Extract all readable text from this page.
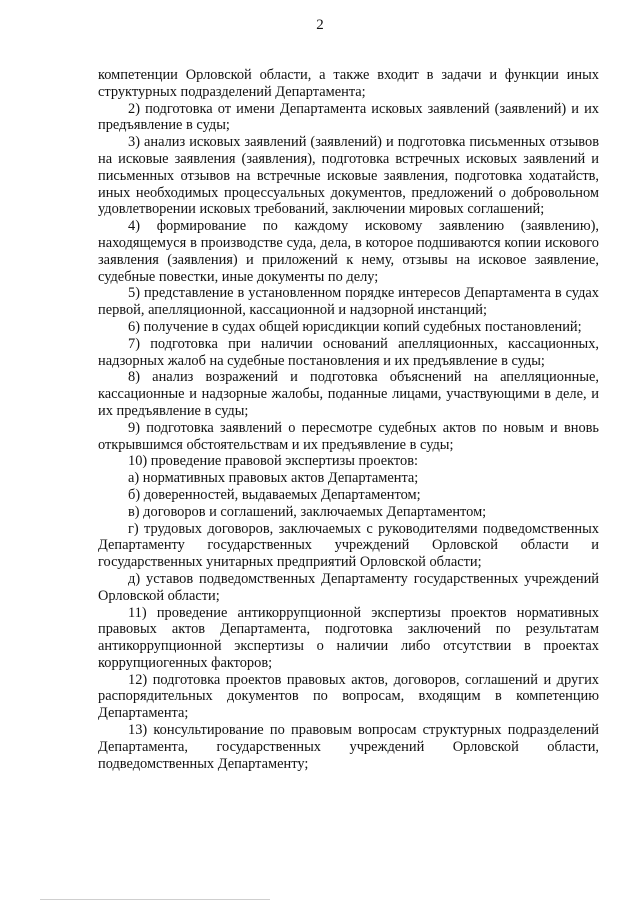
2

компетенции Орловской области, а также входит в задачи и функции иных структурных подразделений Департамента;

2) подготовка от имени Департамента исковых заявлений (заявлений) и их предъявление в суды;

3) анализ исковых заявлений (заявлений) и подготовка письменных отзывов на исковые заявления (заявления), подготовка встречных исковых заявлений и письменных отзывов на встречные исковые заявления, подготовка ходатайств, иных необходимых процессуальных документов, предложений о добровольном удовлетворении исковых требований, заключении мировых соглашений;

4) формирование по каждому исковому заявлению (заявлению), находящемуся в производстве суда, дела, в которое подшиваются копии искового заявления (заявления) и приложений к нему, отзывы на исковое заявление, судебные повестки, иные документы по делу;

5) представление в установленном порядке интересов Департамента в судах первой, апелляционной, кассационной и надзорной инстанций;

6) получение в судах общей юрисдикции копий судебных постановлений;

7) подготовка при наличии оснований апелляционных, кассационных, надзорных жалоб на судебные постановления и их предъявление в суды;

8) анализ возражений и подготовка объяснений на апелляционные, кассационные и надзорные жалобы, поданные лицами, участвующими в деле, и их предъявление в суды;

9) подготовка заявлений о пересмотре судебных актов по новым и вновь открывшимся обстоятельствам и их предъявление в суды;

10) проведение правовой экспертизы проектов:

а) нормативных правовых актов Департамента;

б) доверенностей, выдаваемых Департаментом;

в) договоров и соглашений, заключаемых Департаментом;

г) трудовых договоров, заключаемых с руководителями подведомственных Департаменту государственных учреждений Орловской области и государственных унитарных предприятий Орловской области;

д) уставов подведомственных Департаменту государственных учреждений Орловской области;

11) проведение антикоррупционной экспертизы проектов нормативных правовых актов Департамента, подготовка заключений по результатам антикоррупционной экспертизы о наличии либо отсутствии в проектах коррупциогенных факторов;

12) подготовка проектов правовых актов, договоров, соглашений и других распорядительных документов по вопросам, входящим в компетенцию Департамента;

13) консультирование по правовым вопросам структурных подразделений Департамента, государственных учреждений Орловской области, подведомственных Департаменту;
